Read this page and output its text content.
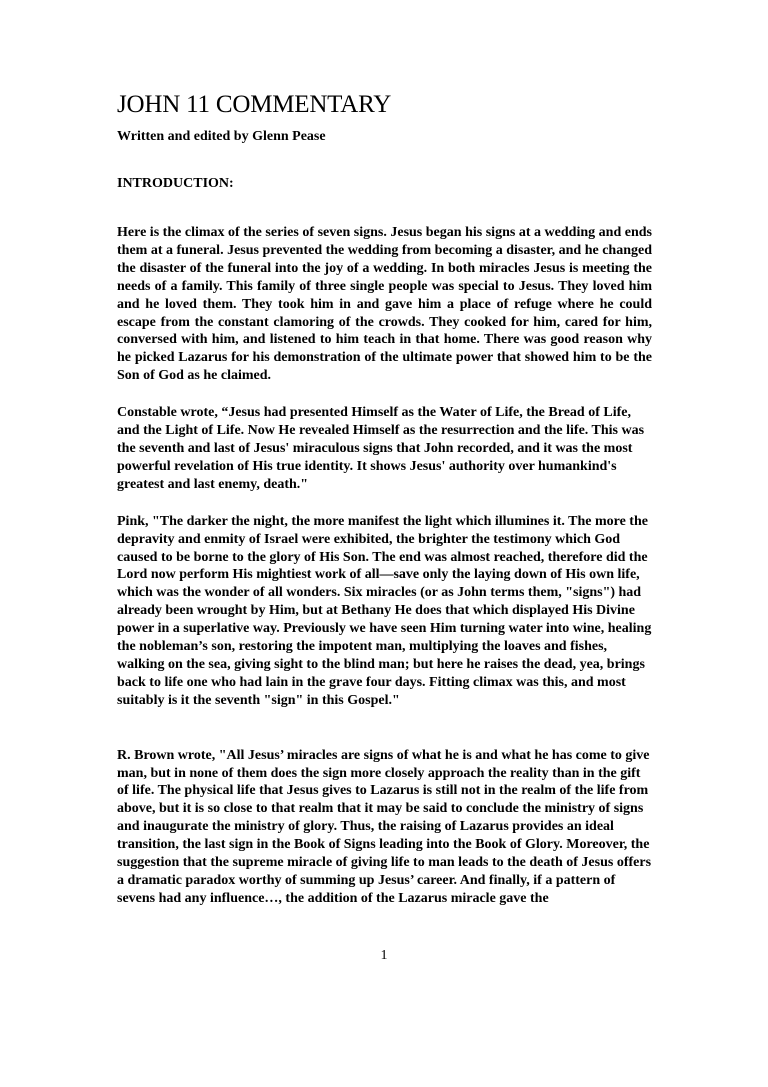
JOHN 11 COMMENTARY

Written and edited by Glenn Pease

INTRODUCTION:

Here is the climax of the series of seven signs. Jesus began his signs at a wedding and ends them at a funeral. Jesus prevented the wedding from becoming a disaster, and he changed the disaster of the funeral into the joy of a wedding. In both miracles Jesus is meeting the needs of a family. This family of three single people was special to Jesus. They loved him and he loved them. They took him in and gave him a place of refuge where he could escape from the constant clamoring of the crowds. They cooked for him, cared for him, conversed with him, and listened to him teach in that home. There was good reason why he picked Lazarus for his demonstration of the ultimate power that showed him to be the Son of God as he claimed.

Constable wrote, “Jesus had presented Himself as the Water of Life, the Bread of Life, and the Light of Life. Now He revealed Himself as the resurrection and the life. This was the seventh and last of Jesus' miraculous signs that John recorded, and it was the most powerful revelation of His true identity. It shows Jesus' authority over humankind's greatest and last enemy, death."

Pink, "The darker the night, the more manifest the light which illumines it. The more the depravity and enmity of Israel were exhibited, the brighter the testimony which God caused to be borne to the glory of His Son. The end was almost reached, therefore did the Lord now perform His mightiest work of all—save only the laying down of His own life, which was the wonder of all wonders. Six miracles (or as John terms them, "signs") had already been wrought by Him, but at Bethany He does that which displayed His Divine power in a superlative way. Previously we have seen Him turning water into wine, healing the nobleman’s son, restoring the impotent man, multiplying the loaves and fishes, walking on the sea, giving sight to the blind man; but here he raises the dead, yea, brings back to life one who had lain in the grave four days. Fitting climax was this, and most suitably is it the seventh "sign" in this Gospel."

R. Brown wrote, "All Jesus’ miracles are signs of what he is and what he has come to give man, but in none of them does the sign more closely approach the reality than in the gift of life. The physical life that Jesus gives to Lazarus is still not in the realm of the life from above, but it is so close to that realm that it may be said to conclude the ministry of signs and inaugurate the ministry of glory. Thus, the raising of Lazarus provides an ideal transition, the last sign in the Book of Signs leading into the Book of Glory. Moreover, the suggestion that the supreme miracle of giving life to man leads to the death of Jesus offers a dramatic paradox worthy of summing up Jesus’ career. And finally, if a pattern of sevens had any influence…, the addition of the Lazarus miracle gave the

1
